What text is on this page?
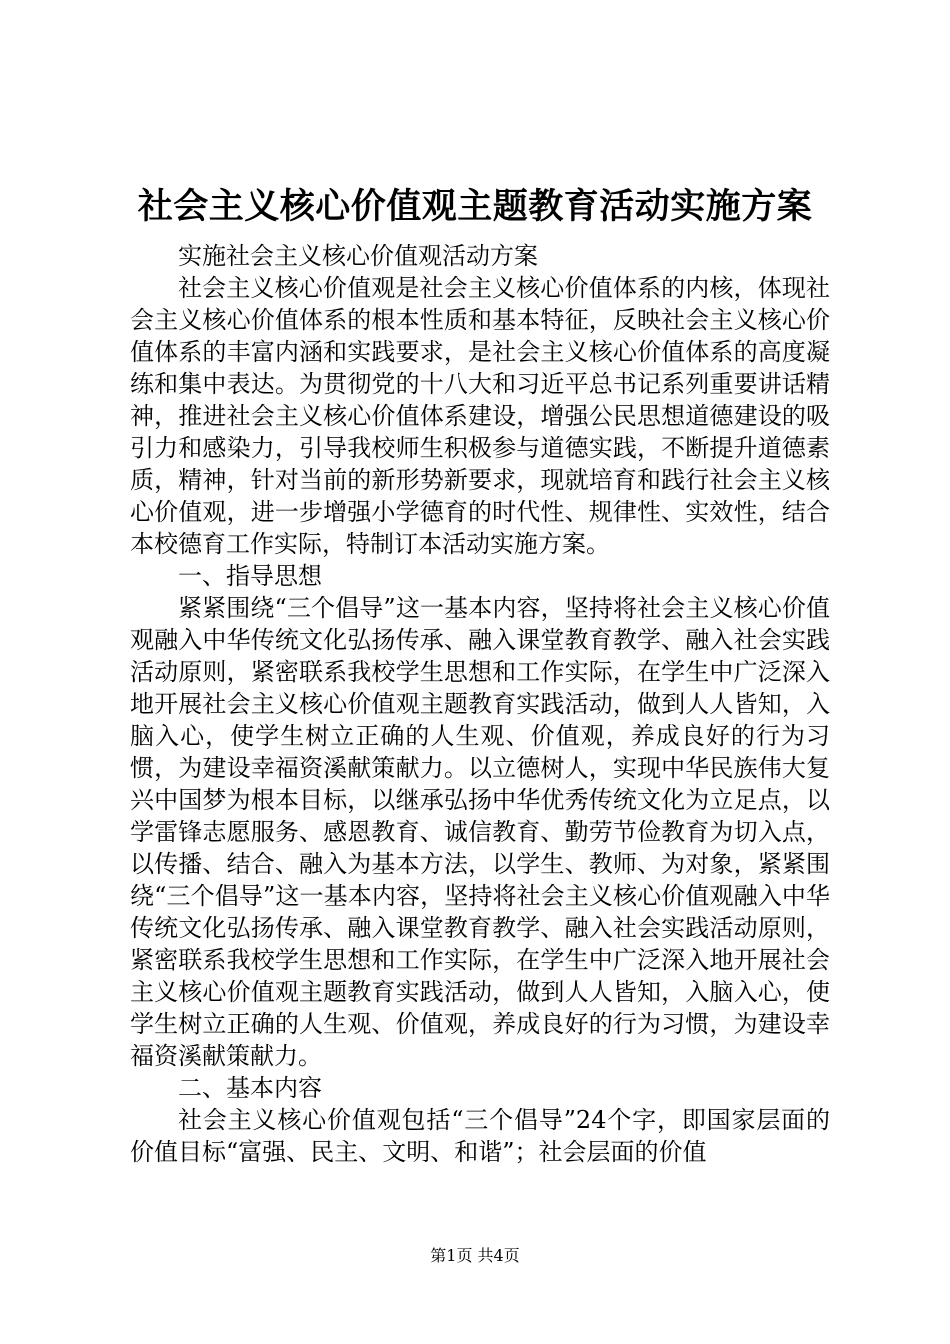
社会主义核心价值观主题教育活动实施方案

实施社会主义核心价值观活动方案

社会主义核心价值观是社会主义核心价值体系的内核，体现社会主义核心价值体系的根本性质和基本特征，反映社会主义核心价值体系的丰富内涵和实践要求，是社会主义核心价值体系的高度凝练和集中表达。为贯彻党的十八大和习近平总书记系列重要讲话精神，推进社会主义核心价值体系建设，增强公民思想道德建设的吸引力和感染力，引导我校师生积极参与道德实践，不断提升道德素质，精神，针对当前的新形势新要求，现就培育和践行社会主义核心价值观，进一步增强小学德育的时代性、规律性、实效性，结合本校德育工作实际，特制订本活动实施方案。

一、指导思想

紧紧围绕“三个倡导”这一基本内容，坚持将社会主义核心价值观融入中华传统文化弘扬传承、融入课堂教育教学、融入社会实践活动原则，紧密联系我校学生思想和工作实际，在学生中广泛深入地开展社会主义核心价值观主题教育实践活动，做到人人皆知，入脑入心，使学生树立正确的人生观、价值观，养成良好的行为习惯，为建设幸福资溪献策献力。以立德树人，实现中华民族伟大复兴中国梦为根本目标，以继承弘扬中华优秀传统文化为立足点，以学雷锋志愿服务、感恩教育、诚信教育、勤劳节俭教育为切入点，以传播、结合、融入为基本方法，以学生、教师、为对象，紧紧围绕“三个倡导”这一基本内容，坚持将社会主义核心价值观融入中华传统文化弘扬传承、融入课堂教育教学、融入社会实践活动原则，紧密联系我校学生思想和工作实际，在学生中广泛深入地开展社会主义核心价值观主题教育实践活动，做到人人皆知，入脑入心，使学生树立正确的人生观、价值观，养成良好的行为习惯，为建设幸福资溪献策献力。

二、基本内容

社会主义核心价值观包括“三个倡导”24个字，即国家层面的价值目标“富强、民主、文明、和谐”；社会层面的价值

第1页 共4页
